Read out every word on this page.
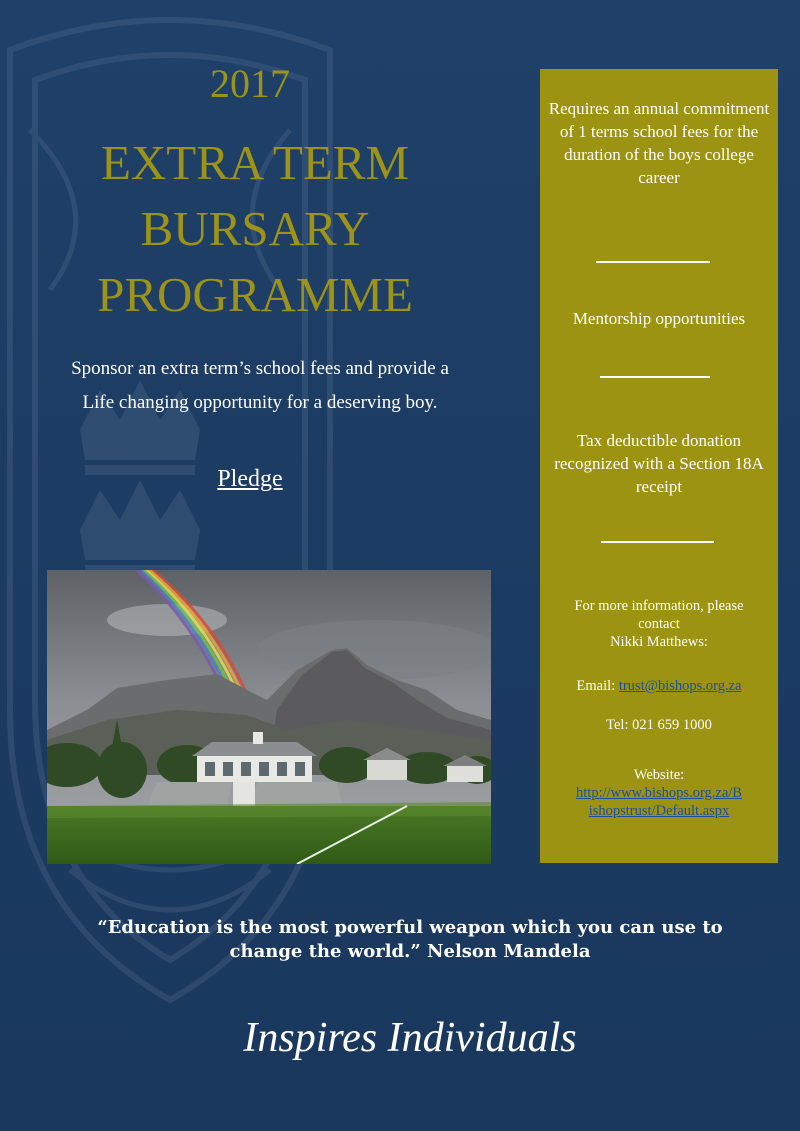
2017
EXTRA TERM
BURSARY
PROGRAMME
Sponsor an extra term’s school fees and provide a
Life changing opportunity for a deserving boy.
Pledge
Requires an annual commitment of 1 terms school fees for the duration of the boys college career
Mentorship opportunities
Tax deductible donation recognized with a Section 18A receipt
For more information, please contact
Nikki Matthews:
Email: trust@bishops.org.za
Tel: 021 659 1000
Website:
http://www.bishops.org.za/B
ishopstrust/Default.aspx
“Education is the most powerful weapon which you can use to
change the world.” Nelson Mandela
Inspires Individuals
